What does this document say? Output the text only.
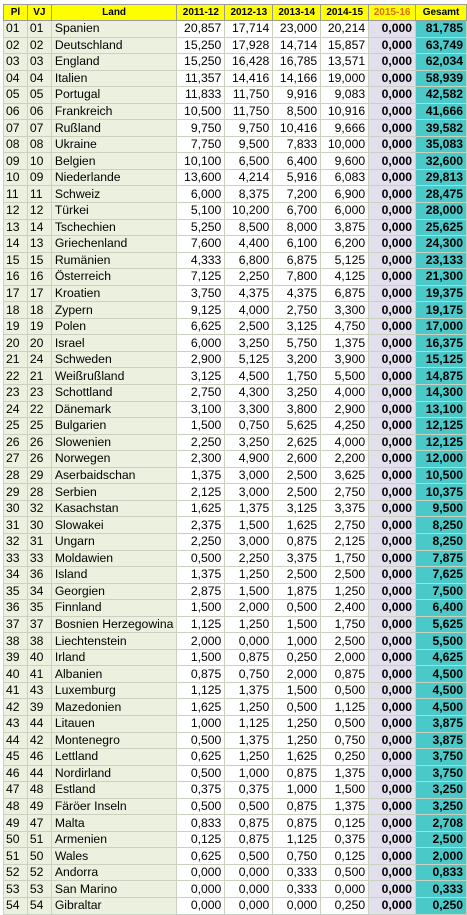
Pl	VJ	Land	2011-12	2012-13	2013-14	2014-15	2015-16	Gesamt
01	01	Spanien	20,857	17,714	23,000	20,214	0,000	81,785
02	02	Deutschland	15,250	17,928	14,714	15,857	0,000	63,749
03	03	England	15,250	16,428	16,785	13,571	0,000	62,034
04	04	Italien	11,357	14,416	14,166	19,000	0,000	58,939
05	05	Portugal	11,833	11,750	9,916	9,083	0,000	42,582
06	06	Frankreich	10,500	11,750	8,500	10,916	0,000	41,666
07	07	Rußland	9,750	9,750	10,416	9,666	0,000	39,582
08	08	Ukraine	7,750	9,500	7,833	10,000	0,000	35,083
09	10	Belgien	10,100	6,500	6,400	9,600	0,000	32,600
10	09	Niederlande	13,600	4,214	5,916	6,083	0,000	29,813
11	11	Schweiz	6,000	8,375	7,200	6,900	0,000	28,475
12	12	Türkei	5,100	10,200	6,700	6,000	0,000	28,000
13	14	Tschechien	5,250	8,500	8,000	3,875	0,000	25,625
14	13	Griechenland	7,600	4,400	6,100	6,200	0,000	24,300
15	15	Rumänien	4,333	6,800	6,875	5,125	0,000	23,133
16	16	Österreich	7,125	2,250	7,800	4,125	0,000	21,300
17	17	Kroatien	3,750	4,375	4,375	6,875	0,000	19,375
18	18	Zypern	9,125	4,000	2,750	3,300	0,000	19,175
19	19	Polen	6,625	2,500	3,125	4,750	0,000	17,000
20	20	Israel	6,000	3,250	5,750	1,375	0,000	16,375
21	24	Schweden	2,900	5,125	3,200	3,900	0,000	15,125
22	21	Weißrußland	3,125	4,500	1,750	5,500	0,000	14,875
23	23	Schottland	2,750	4,300	3,250	4,000	0,000	14,300
24	22	Dänemark	3,100	3,300	3,800	2,900	0,000	13,100
25	25	Bulgarien	1,500	0,750	5,625	4,250	0,000	12,125
26	26	Slowenien	2,250	3,250	2,625	4,000	0,000	12,125
27	26	Norwegen	2,300	4,900	2,600	2,200	0,000	12,000
28	29	Aserbaidschan	1,375	3,000	2,500	3,625	0,000	10,500
29	28	Serbien	2,125	3,000	2,500	2,750	0,000	10,375
30	32	Kasachstan	1,625	1,375	3,125	3,375	0,000	9,500
31	30	Slowakei	2,375	1,500	1,625	2,750	0,000	8,250
32	31	Ungarn	2,250	3,000	0,875	2,125	0,000	8,250
33	33	Moldawien	0,500	2,250	3,375	1,750	0,000	7,875
34	36	Island	1,375	1,250	2,500	2,500	0,000	7,625
35	34	Georgien	2,875	1,500	1,875	1,250	0,000	7,500
36	35	Finnland	1,500	2,000	0,500	2,400	0,000	6,400
37	37	Bosnien Herzegowina	1,125	1,250	1,500	1,750	0,000	5,625
38	38	Liechtenstein	2,000	0,000	1,000	2,500	0,000	5,500
39	40	Irland	1,500	0,875	0,250	2,000	0,000	4,625
40	41	Albanien	0,875	0,750	2,000	0,875	0,000	4,500
41	43	Luxemburg	1,125	1,375	1,500	0,500	0,000	4,500
42	39	Mazedonien	1,625	1,250	0,500	1,125	0,000	4,500
43	44	Litauen	1,000	1,125	1,250	0,500	0,000	3,875
44	42	Montenegro	0,500	1,375	1,250	0,750	0,000	3,875
45	46	Lettland	0,625	1,250	1,625	0,250	0,000	3,750
46	44	Nordirland	0,500	1,000	0,875	1,375	0,000	3,750
47	48	Estland	0,375	0,375	1,000	1,500	0,000	3,250
48	49	Färöer Inseln	0,500	0,500	0,875	1,375	0,000	3,250
49	47	Malta	0,833	0,875	0,875	0,125	0,000	2,708
50	51	Armenien	0,125	0,875	1,125	0,375	0,000	2,500
51	50	Wales	0,625	0,500	0,750	0,125	0,000	2,000
52	52	Andorra	0,000	0,000	0,333	0,500	0,000	0,833
53	53	San Marino	0,000	0,000	0,333	0,000	0,000	0,333
54	54	Gibraltar	0,000	0,000	0,000	0,250	0,000	0,250
